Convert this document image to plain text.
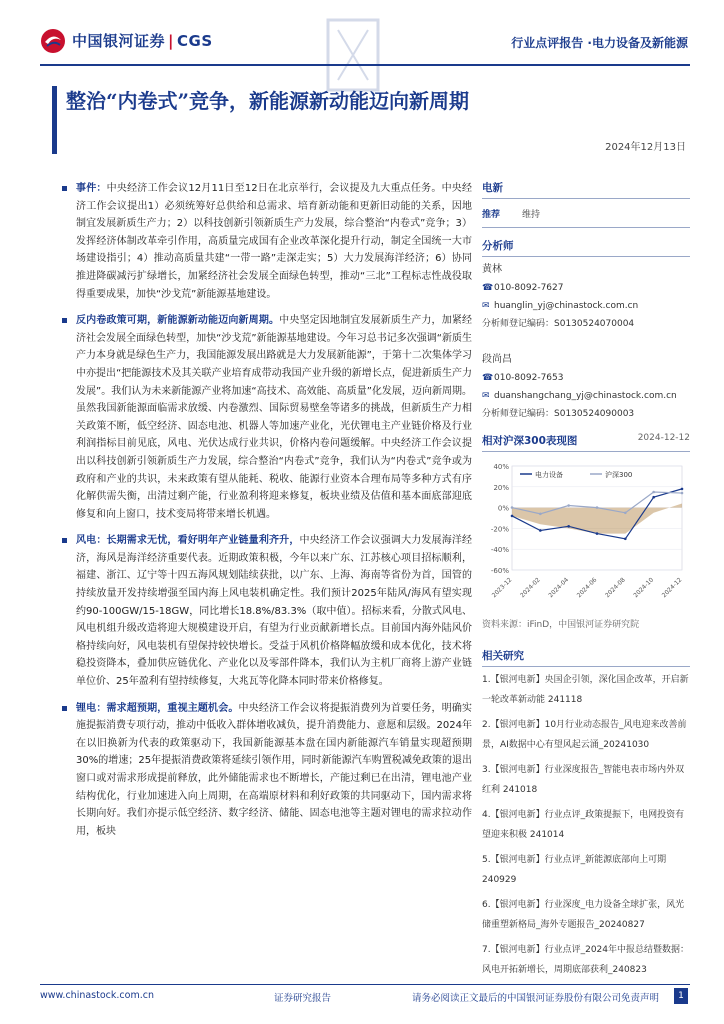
中国银河证券 | CGS	行业点评报告 ·电力设备及新能源
整治“内卷式”竞争，新能源新动能迈向新周期
2024年12月13日
事件：中央经济工作会议12月11日至12日在北京举行，会议提及九大重点任务。中央经济工作会议提出1）必须统筹好总供给和总需求、培育新动能和更新旧动能的关系，因地制宜发展新质生产力；2）以科技创新引领新质生产力发展，综合整治“内卷式”竞争；3）发挥经济体制改革牵引作用，高质量完成国有企业改革深化提升行动，制定全国统一大市场建设指引；4）推动高质量共建“一带一路”走深走实；5）大力发展海洋经济；6）协同推进降碳减污扩绿增长，加紧经济社会发展全面绿色转型，推动“三北”工程标志性战役取得重要成果，加快“沙戈荒”新能源基地建设。
反内卷政策可期，新能源新动能迈向新周期。中央坚定因地制宜发展新质生产力，加紧经济社会发展全面绿色转型，加快“沙戈荒”新能源基地建设。今年习总书记多次强调“新质生产力本身就是绿色生产力，我国能源发展出路就是大力发展新能源”，于第十二次集体学习中亦提出“把能源技术及其关联产业培育成带动我国产业升级的新增长点，促进新质生产力发展”。我们认为未来新能源产业将加速“高技术、高效能、高质量”化发展，迈向新周期。虽然我国新能源面临需求放缓、内卷激烈、国际贸易壁垒等诸多的挑战，但新质生产力相关政策不断，低空经济、固态电池、机器人等加速产业化，光伏锂电主产业链价格及行业利润指标目前见底，风电、光伏达成行业共识，价格内卷问题缓解。中央经济工作会议提出以科技创新引领新质生产力发展，综合整治“内卷式”竞争，我们认为“内卷式”竞争或为政府和产业的共识，未来政策有望从能耗、税收、能源行业资本合理布局等多种方式有序化解供需失衡，出清过剩产能，行业盈利将迎来修复，板块业绩及估值和基本面底部迎底修复和向上窗口，技术变局将带来增长机遇。
风电：长期需求无忧，看好明年产业链量利齐升，中央经济工作会议强调大力发展海洋经济，海风是海洋经济重要代表。近期政策积极，今年以来广东、江苏核心项目招标顺利，福建、浙江、辽宁等十四五海风规划陆续获批，以广东、上海、海南等省份为首，国管的持续放量开发持续增强至国内海上风电装机确定性。我们预计2025年陆风/海风有望实现约90-100GW/15-18GW，同比增长18.8%/83.3%（取中值）。招标来看，分散式风电、风电机组升级改造将迎大规模建设开启，有望为行业贡献新增长点。目前国内海外陆风价格持续向好，风电装机有望保持较快增长。受益于风机价格降幅放缓和成本优化，技术将稳投资降本，叠加供应链优化、产业化以及零部件降本，我们认为主机厂商将上游产业链单位价、25年盈利有望持续修复，大兆瓦等化降本同时带来价格修复。
锂电：需求超预期，重视主题机会。中央经济工作会议将提振消费列为首要任务，明确实施提振消费专项行动，推动中低收入群体增收减负，提升消费能力、意愿和层级。2024年在以旧换新为代表的政策驱动下，我国新能源基本盘在国内新能源汽车销量实现超预期30%的增速；25年提振消费政策将延续引领作用，同时新能源汽车购置税减免政策的退出窗口或对需求形成提前释放，此外储能需求也不断增长，产能过剩已在出清，锂电池产业结构优化，行业加速进入向上周期，在高端原材料和利好政策的共同驱动下，国内需求将长期向好。我们亦提示低空经济、数字经济、储能、固态电池等主题对锂电的需求拉动作用，板块
电新
推荐 维持
分析师
黄林
☎010-8092-7627
✉ huanglin_yj@chinastock.com.cn
分析师登记编码：S0130524070004
段尚昌
☎010-8092-7653
✉ duanshangchang_yj@chinastock.com.cn
分析师登记编码：S0130524090003
相对沪深300表现图	2024-12-12
-60%
-40%
-20%
0%
20%
40%
2023-12 2024-02 2024-04 2024-06 2024-08 2024-10 2024-12
电力设备	沪深300
资料来源：iFinD，中国银河证券研究院
相关研究
1.【银河电新】央国企引领，深化国企改革，开启新一轮改革新动能 241118
2.【银河电新】10月行业动态报告_风电迎来改善前景，AI数据中心有望风起云涌_20241030
3.【银河电新】行业深度报告_智能电表市场内外双红利 241018
4.【银河电新】行业点评_政策提振下，电网投资有望迎来积极 241014
5.【银河电新】行业点评_新能源底部向上可期 240929
6.【银河电新】行业深度_电力设备全球扩张，风光储重塑新格局_海外专题报告_20240827
7.【银河电新】行业点评_2024年中报总结暨数据：风电开拓新增长，周期底部获利_240823
www.chinastock.com.cn	证券研究报告	请务必阅读正文最后的中国银河证券股份有限公司免责声明	1
